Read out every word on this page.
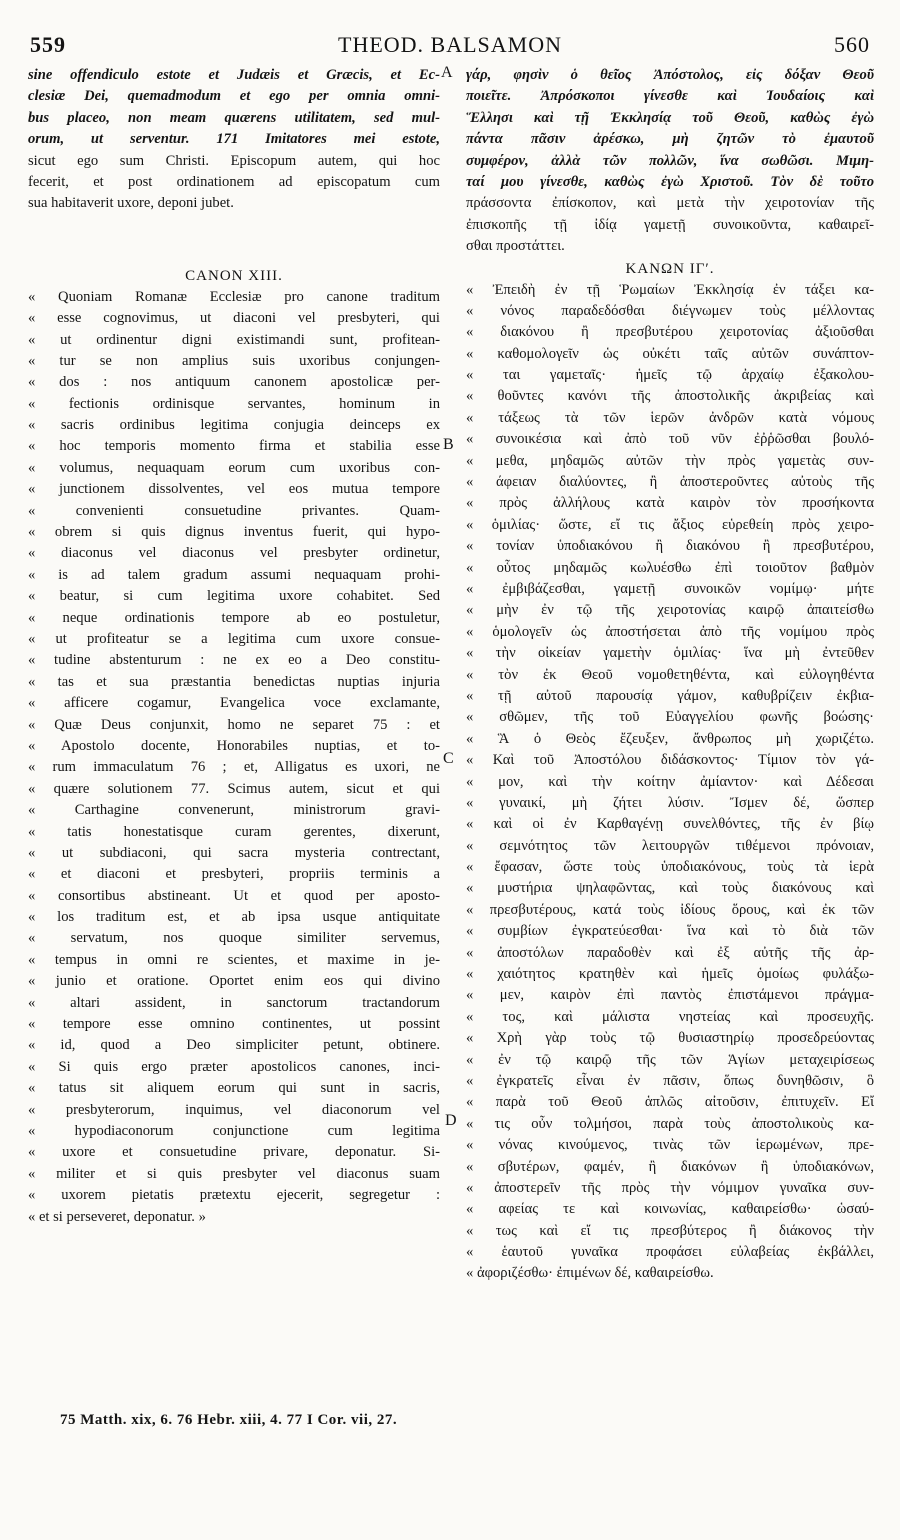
559	THEOD. BALSAMON	560
A
B
C
D
sine offendiculo estote et Judæis et Græcis, et Ec-
clesiæ Dei, quemadmodum et ego per omnia omni-
bus placeo, non meam quærens utilitatem, sed mul-
orum, ut serventur. 171 Imitatores mei estote,
sicut ego sum Christi. Episcopum autem, qui hoc
fecerit, et post ordinationem ad episcopatum cum
sua habitaverit uxore, deponi jubet.
CANON XIII.
« Quoniam Romanæ Ecclesiæ pro canone traditum
« esse cognovimus, ut diaconi vel presbyteri, qui
« ut ordinentur digni existimandi sunt, profitean-
« tur se non amplius suis uxoribus conjungen-
« dos : nos antiquum canonem apostolicæ per-
« fectionis ordinisque servantes, hominum in
« sacris ordinibus legitima conjugia deinceps ex
« hoc temporis momento firma et stabilia esse
« volumus, nequaquam eorum cum uxoribus con-
« junctionem dissolventes, vel eos mutua tempore
« convenienti consuetudine privantes. Quam-
« obrem si quis dignus inventus fuerit, qui hypo-
« diaconus vel diaconus vel presbyter ordinetur,
« is ad talem gradum assumi nequaquam prohi-
« beatur, si cum legitima uxore cohabitet. Sed
« neque ordinationis tempore ab eo postuletur,
« ut profiteatur se a legitima cum uxore consue-
« tudine abstenturum : ne ex eo a Deo constitu-
« tas et sua præstantia benedictas nuptias injuria
« afficere cogamur, Evangelica voce exclamante,
« Quæ Deus conjunxit, homo ne separet 75 : et
« Apostolo docente, Honorabiles nuptias, et to-
« rum immaculatum 76 ; et, Alligatus es uxori, ne
« quære solutionem 77. Scimus autem, sicut et qui
« Carthagine convenerunt, ministrorum gravi-
« tatis honestatisque curam gerentes, dixerunt,
« ut subdiaconi, qui sacra mysteria contrectant,
« et diaconi et presbyteri, propriis terminis a
« consortibus abstineant. Ut et quod per aposto-
« los traditum est, et ab ipsa usque antiquitate
« servatum, nos quoque similiter servemus,
« tempus in omni re scientes, et maxime in je-
« junio et oratione. Oportet enim eos qui divino
« altari assident, in sanctorum tractandorum
« tempore esse omnino continentes, ut possint
« id, quod a Deo simpliciter petunt, obtinere.
« Si quis ergo præter apostolicos canones, inci-
« tatus sit aliquem eorum qui sunt in sacris,
« presbyterorum, inquimus, vel diaconorum vel
« hypodiaconorum conjunctione cum legitima
« uxore et consuetudine privare, deponatur. Si-
« militer et si quis presbyter vel diaconus suam
« uxorem pietatis prætextu ejecerit, segregetur :
« et si perseveret, deponatur. »
γάρ, φησὶν ὁ θεῖος Ἀπόστολος, εἰς δόξαν Θεοῦ
ποιεῖτε. Ἀπρόσκοποι γίνεσθε καὶ Ἰουδαίοις καὶ
Ἕλλησι καὶ τῇ Ἐκκλησίᾳ τοῦ Θεοῦ, καθὼς ἐγὼ
πάντα πᾶσιν ἀρέσκω, μὴ ζητῶν τὸ ἐμαυτοῦ
συμφέρον, ἀλλὰ τῶν πολλῶν, ἵνα σωθῶσι. Μιμη-
ταί μου γίνεσθε, καθὼς ἐγὼ Χριστοῦ. Τὸν δὲ τοῦτο
πράσσοντα ἐπίσκοπον, καὶ μετὰ τὴν χειροτονίαν τῆς
ἐπισκοπῆς τῇ ἰδίᾳ γαμετῇ συνοικοῦντα, καθαιρεῖ-
σθαι προστάττει.
ΚΑΝΩΝ ΙΓʹ.
« Ἐπειδὴ ἐν τῇ Ῥωμαίων Ἐκκλησίᾳ ἐν τάξει κα-
« νόνος παραδεδόσθαι διέγνωμεν τοὺς μέλλοντας
« διακόνου ἢ πρεσβυτέρου χειροτονίας ἀξιοῦσθαι
« καθομολογεῖν ὡς οὐκέτι ταῖς αὐτῶν συνάπτον-
« ται γαμεταῖς· ἡμεῖς τῷ ἀρχαίῳ ἐξακολου-
« θοῦντες κανόνι τῆς ἀποστολικῆς ἀκριβείας καὶ
« τάξεως τὰ τῶν ἱερῶν ἀνδρῶν κατὰ νόμους
« συνοικέσια καὶ ἀπὸ τοῦ νῦν ἐῤῥῶσθαι βουλό-
« μεθα, μηδαμῶς αὐτῶν τὴν πρὸς γαμετὰς συν-
« άφειαν διαλύοντες, ἢ ἀποστεροῦντες αὐτοὺς τῆς
« πρὸς ἀλλήλους κατὰ καιρὸν τὸν προσήκοντα
« ὁμιλίας· ὥστε, εἴ τις ἄξιος εὑρεθείη πρὸς χειρο-
« τονίαν ὑποδιακόνου ἢ διακόνου ἢ πρεσβυτέρου,
« οὗτος μηδαμῶς κωλυέσθω ἐπὶ τοιοῦτον βαθμὸν
« ἐμβιβάζεσθαι, γαμετῇ συνοικῶν νομίμῳ· μήτε
« μὴν ἐν τῷ τῆς χειροτονίας καιρῷ ἀπαιτείσθω
« ὁμολογεῖν ὡς ἀποστήσεται ἀπὸ τῆς νομίμου πρὸς
« τὴν οἰκείαν γαμετὴν ὁμιλίας· ἵνα μὴ ἐντεῦθεν
« τὸν ἐκ Θεοῦ νομοθετηθέντα, καὶ εὐλογηθέντα
« τῇ αὐτοῦ παρουσίᾳ γάμον, καθυβρίζειν ἐκβια-
« σθῶμεν, τῆς τοῦ Εὐαγγελίου φωνῆς βοώσης·
« Ἃ ὁ Θεὸς ἔζευξεν, ἄνθρωπος μὴ χωριζέτω.
« Καὶ τοῦ Ἀποστόλου διδάσκοντος· Τίμιον τὸν γά-
« μον, καὶ τὴν κοίτην ἀμίαντον· καὶ Δέδεσαι
« γυναικί, μὴ ζήτει λύσιν. Ἴσμεν δέ, ὥσπερ
« καὶ οἱ ἐν Καρθαγένῃ συνελθόντες, τῆς ἐν βίῳ
« σεμνότητος τῶν λειτουργῶν τιθέμενοι πρόνοιαν,
« ἔφασαν, ὥστε τοὺς ὑποδιακόνους, τοὺς τὰ ἱερὰ
« μυστήρια ψηλαφῶντας, καὶ τοὺς διακόνους καὶ
« πρεσβυτέρους, κατά τοὺς ἰδίους ὅρους, καὶ ἐκ τῶν
« συμβίων ἐγκρατεύεσθαι· ἵνα καὶ τὸ διὰ τῶν
« ἀποστόλων παραδοθὲν καὶ ἐξ αὐτῆς τῆς ἀρ-
« χαιότητος κρατηθὲν καὶ ἡμεῖς ὁμοίως φυλάξω-
« μεν, καιρὸν ἐπὶ παντὸς ἐπιστάμενοι πράγμα-
« τος, καὶ μάλιστα νηστείας καὶ προσευχῆς.
« Χρὴ γὰρ τοὺς τῷ θυσιαστηρίῳ προσεδρεύοντας
« ἐν τῷ καιρῷ τῆς τῶν Ἁγίων μεταχειρίσεως
« ἐγκρατεῖς εἶναι ἐν πᾶσιν, ὅπως δυνηθῶσιν, ὃ
« παρὰ τοῦ Θεοῦ ἁπλῶς αἰτοῦσιν, ἐπιτυχεῖν. Εἴ
« τις οὖν τολμήσοι, παρὰ τοὺς ἀποστολικοὺς κα-
« νόνας κινούμενος, τινὰς τῶν ἱερωμένων, πρε-
« σβυτέρων, φαμέν, ἢ διακόνων ἢ ὑποδιακόνων,
« ἀποστερεῖν τῆς πρὸς τὴν νόμιμον γυναῖκα συν-
« αφείας τε καὶ κοινωνίας, καθαιρείσθω· ὡσαύ-
« τως καὶ εἴ τις πρεσβύτερος ἢ διάκονος τὴν
« ἑαυτοῦ γυναῖκα προφάσει εὐλαβείας ἐκβάλλει,
« ἀφοριζέσθω· ἐπιμένων δέ, καθαιρείσθω.
75 Matth. xix, 6. 76 Hebr. xiii, 4. 77 I Cor. vii, 27.
